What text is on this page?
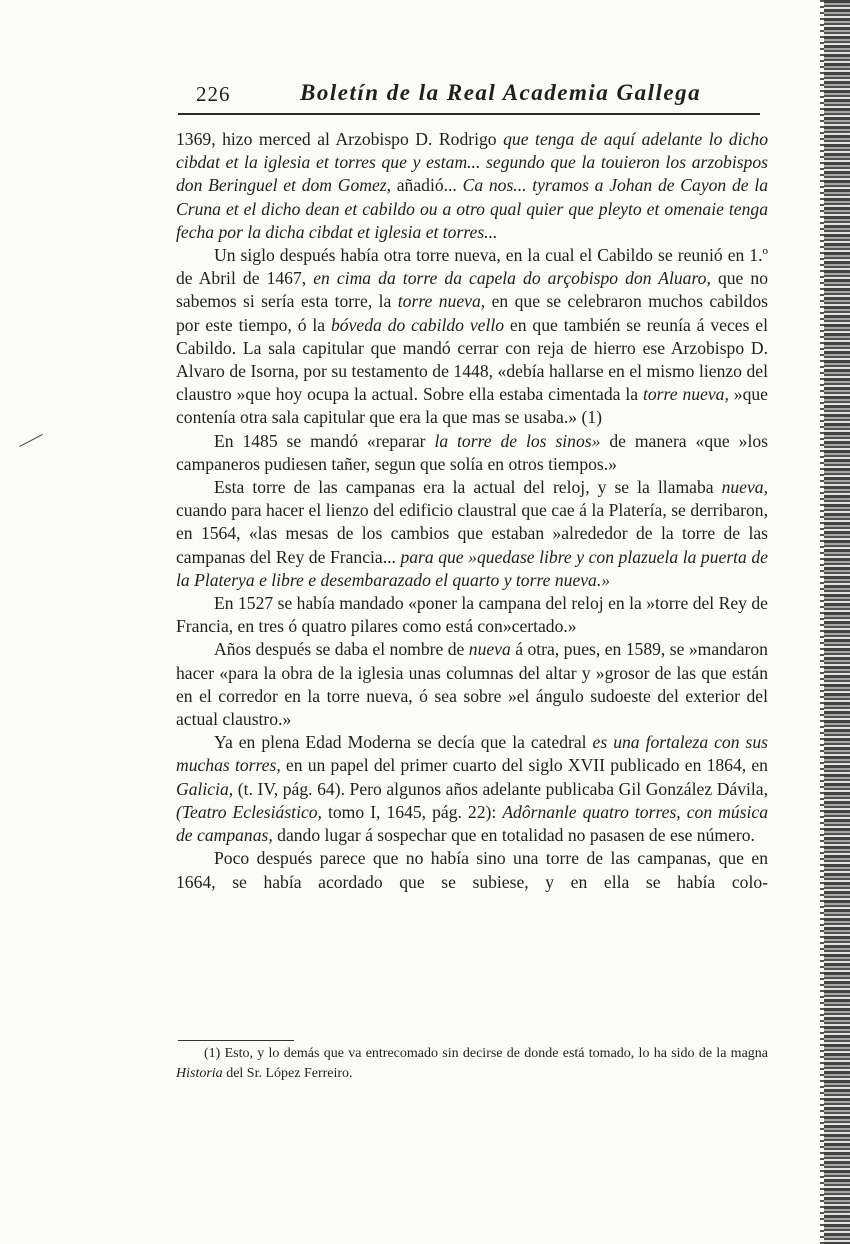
226	Boletín de la Real Academia Gallega

1369, hizo merced al Arzobispo D. Rodrigo que tenga de aquí adelante lo dicho cibdat et la iglesia et torres que y estam... segundo que la touieron los arzobispos don Beringuel et dom Gomez, añadió... Ca nos... tyramos a Johan de Cayon de la Cruna et el dicho dean et cabildo ou a otro qual quier que pleyto et omenaie tenga fecha por la dicha cibdat et iglesia et torres...

Un siglo después había otra torre nueva, en la cual el Cabildo se reunió en 1.º de Abril de 1467, en cima da torre da capela do arçobispo don Aluaro, que no sabemos si sería esta torre, la torre nueva, en que se celebraron muchos cabildos por este tiempo, ó la bóveda do cabildo vello en que también se reunía á veces el Cabildo. La sala capitular que mandó cerrar con reja de hierro ese Arzobispo D. Alvaro de Isorna, por su testamento de 1448, «debía hallarse en el mismo lienzo del claustro »que hoy ocupa la actual. Sobre ella estaba cimentada la torre nueva, »que contenía otra sala capitular que era la que mas se usaba.» (1)

En 1485 se mandó «reparar la torre de los sinos» de manera «que »los campaneros pudiesen tañer, segun que solía en otros tiempos.»

Esta torre de las campanas era la actual del reloj, y se la llamaba nueva, cuando para hacer el lienzo del edificio claustral que cae á la Platería, se derribaron, en 1564, «las mesas de los cambios que estaban »alrededor de la torre de las campanas del Rey de Francia... para que »quedase libre y con plazuela la puerta de la Platerya e libre e desembarazado el quarto y torre nueva.»

En 1527 se había mandado «poner la campana del reloj en la »torre del Rey de Francia, en tres ó quatro pilares como está con»certado.»

Años después se daba el nombre de nueva á otra, pues, en 1589, se »mandaron hacer «para la obra de la iglesia unas columnas del altar y »grosor de las que están en el corredor en la torre nueva, ó sea sobre »el ángulo sudoeste del exterior del actual claustro.»

Ya en plena Edad Moderna se decía que la catedral es una fortaleza con sus muchas torres, en un papel del primer cuarto del siglo XVII publicado en 1864, en Galicia, (t. IV, pág. 64). Pero algunos años adelante publicaba Gil González Dávila, (Teatro Eclesiástico, tomo I, 1645, pág. 22): Adôrnanle quatro torres, con música de campanas, dando lugar á sospechar que en totalidad no pasasen de ese número.

Poco después parece que no había sino una torre de las campanas, que en 1664, se había acordado que se subiese, y en ella se había colo-

(1) Esto, y lo demás que va entrecomado sin decirse de donde está tomado, lo ha sido de la magna Historia del Sr. López Ferreiro.
